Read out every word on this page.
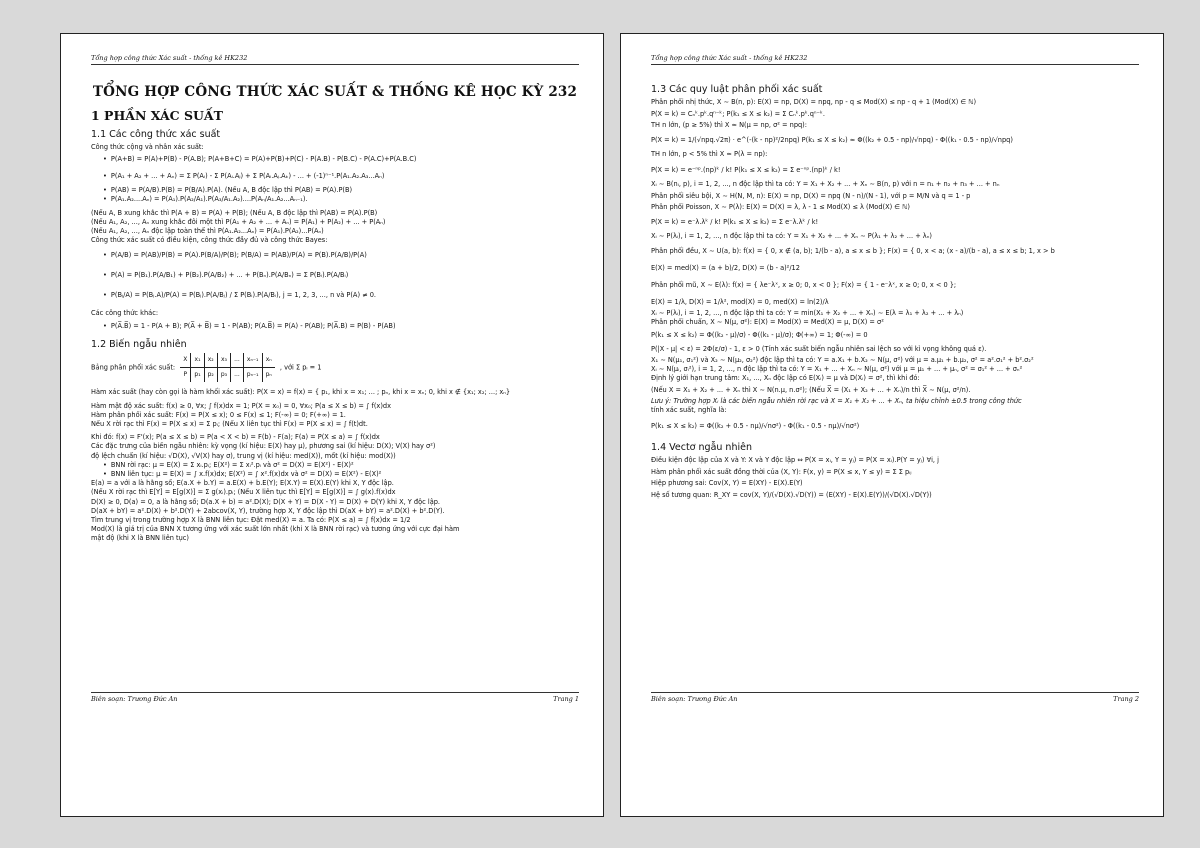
Tổng hợp công thức Xác suất - thống kê HK232
TỔNG HỢP CÔNG THỨC XÁC SUẤT & THỐNG KÊ HỌC KỲ 232
1 PHẦN XÁC SUẤT
1.1 Các công thức xác suất
Công thức cộng và nhân xác suất:
• P(A+B) = P(A)+P(B) - P(A.B); P(A+B+C) = P(A)+P(B)+P(C) - P(A.B) - P(B.C) - P(A.C)+P(A.B.C)
• P(A₁ + A₂ + ... + Aₙ) = Σ P(Aᵢ) - Σ P(Aᵢ.Aⱼ) + Σ P(Aᵢ.Aⱼ.Aₖ) - ... + (-1)ⁿ⁻¹.P(A₁.A₂.A₃...Aₙ)
• P(AB) = P(A/B).P(B) = P(B/A).P(A). (Nếu A, B độc lập thì P(AB) = P(A).P(B)
• P(A₁.A₂....Aₙ) = P(A₁).P(A₂/A₁).P(A₃/A₁.A₂)....P(Aₙ/A₁.A₂...Aₙ₋₁).
(Nếu A, B xung khắc thì P(A + B) = P(A) + P(B); (Nếu A, B độc lập thì P(AB) = P(A).P(B)
(Nếu A₁, A₂, ..., Aₙ xung khắc đôi một thì P(A₁ + A₂ + ... + Aₙ) = P(A₁) + P(A₂) + ... + P(Aₙ)
(Nếu A₁, A₂, ..., Aₙ độc lập toàn thể thì P(A₁.A₂...Aₙ) = P(A₁).P(A₂)...P(Aₙ)
Công thức xác suất có điều kiện, công thức đầy đủ và công thức Bayes:
• P(A/B) = P(AB)/P(B) = P(A).P(B/A)/P(B); P(B/A) = P(AB)/P(A) = P(B).P(A/B)/P(A)
• P(A) = P(B₁).P(A/B₁) + P(B₂).P(A/B₂) + ... + P(Bₙ).P(A/Bₙ) = Σ P(Bᵢ).P(A/Bᵢ)
• P(Bⱼ/A) = P(Bⱼ.A)/P(A) = P(Bⱼ).P(A/Bⱼ) / Σ P(Bᵢ).P(A/Bᵢ), j = 1, 2, 3, ..., n và P(A) ≠ 0.
Các công thức khác:
• P(A̅.B̅) = 1 - P(A + B); P(A̅ + B̅) = 1 - P(AB); P(A.B̅) = P(A) - P(AB); P(A̅.B) = P(B) - P(AB)
1.2 Biến ngẫu nhiên
Bảng phân phối xác suất: X	x₁	x₂	x₃	...	xₙ₋₁	xₙ
P	p₁	p₂	p₃	...	pₙ₋₁	pₙ , với Σ pᵢ = 1
Hàm xác suất (hay còn gọi là hàm khối xác suất): P(X = x) = f(x) = { p₁, khi x = x₁; ... ; pₙ, khi x = xₙ; 0, khi x ∉ {x₁; x₂; ...; xₙ}
Hàm mật độ xác suất: f(x) ≥ 0, ∀x; ∫ f(x)dx = 1; P(X = x₀) = 0, ∀x₀; P(a ≤ X ≤ b) = ∫ f(x)dx
Hàm phân phối xác suất: F(x) = P(X ≤ x); 0 ≤ F(x) ≤ 1; F(-∞) = 0; F(+∞) = 1.
Nếu X rời rạc thì F(x) = P(X ≤ x) = Σ pᵢ; (Nếu X liên tục thì F(x) = P(X ≤ x) = ∫ f(t)dt.
Khi đó: f(x) = F'(x); P(a ≤ X ≤ b) = P(a < X < b) = F(b) - F(a); F(a) = P(X ≤ a) = ∫ f(x)dx
Các đặc trưng của biến ngẫu nhiên: kỳ vọng (kí hiệu: E(X) hay μ), phương sai (kí hiệu: D(X); V(X) hay σ²)
độ lệch chuẩn (kí hiệu: √D(X), √V(X) hay σ), trung vị (kí hiệu: med(X)), mốt (kí hiệu: mod(X))
• BNN rời rạc: μ = E(X) = Σ xᵢ.pᵢ; E(X²) = Σ xᵢ².pᵢ và σ² = D(X) = E(X²) - E(X)²
• BNN liên tục: μ = E(X) = ∫ x.f(x)dx; E(X²) = ∫ x².f(x)dx và σ² = D(X) = E(X²) - E(X)²
E(a) = a với a là hằng số; E(a.X + b.Y) = a.E(X) + b.E(Y); E(X.Y) = E(X).E(Y) khi X, Y độc lập.
(Nếu X rời rạc thì E[Y] = E[g(X)] = Σ g(xᵢ).pᵢ; (Nếu X liên tục thì E[Y] = E[g(X)] = ∫ g(x).f(x)dx
D(X) ≥ 0, D(a) = 0, a là hằng số; D(a.X + b) = a².D(X); D(X + Y) = D(X - Y) = D(X) + D(Y) khi X, Y độc lập.
D(aX + bY) = a².D(X) + b².D(Y) + 2abcov(X, Y), trường hợp X, Y độc lập thì D(aX + bY) = a².D(X) + b².D(Y).
Tìm trung vị trong trường hợp X là BNN liên tục: Đặt med(X) = a. Ta có: P(X ≤ a) = ∫ f(x)dx = 1/2
Mod(X) là giá trị của BNN X tương ứng với xác suất lớn nhất (khi X là BNN rời rạc) và tương ứng với cực đại hàm
mật độ (khi X là BNN liên tục)
Biên soạn: Trương Đức An	Trang 1
Tổng hợp công thức Xác suất - thống kê HK232
1.3 Các quy luật phân phối xác suất
Phân phối nhị thức, X ∼ B(n, p): E(X) = np, D(X) = npq, np - q ≤ Mod(X) ≤ np - q + 1 (Mod(X) ∈ ℕ)
P(X = k) = Cₙᵏ.pᵏ.qⁿ⁻ᵏ; P(k₁ ≤ X ≤ k₂) = Σ Cₙᵏ.pᵏ.qⁿ⁻ᵏ.
TH n lớn, (p ≥ 5%) thì X ≈ N(μ = np, σ² = npq):
P(X = k) = 1/(√npq.√2π) · e^(-(k - np)²/2npq) P(k₁ ≤ X ≤ k₂) ≈ Φ((k₂ + 0.5 - np)/√npq) - Φ((k₁ - 0.5 - np)/√npq)
TH n lớn, p < 5% thì X ≈ P(λ = np):
P(X = k) = e⁻ⁿᵖ.(np)ᵏ / k! P(k₁ ≤ X ≤ k₂) = Σ e⁻ⁿᵖ.(np)ᵏ / k!
Xᵢ ∼ B(nᵢ, p), i = 1, 2, ..., n độc lập thì ta có: Y = X₁ + X₂ + ... + Xₙ ∼ B(n, p) với n = n₁ + n₂ + n₃ + ... + nₙ
Phân phối siêu bội, X ∼ H(N, M, n): E(X) = np, D(X) = npq (N - n)/(N - 1), với p = M/N và q = 1 - p
Phân phối Poisson, X ∼ P(λ): E(X) = D(X) = λ, λ - 1 ≤ Mod(X) ≤ λ (Mod(X) ∈ ℕ)
P(X = k) = e⁻λ.λᵏ / k! P(k₁ ≤ X ≤ k₂) = Σ e⁻λ.λᵏ / k!
Xᵢ ∼ P(λᵢ), i = 1, 2, ..., n độc lập thì ta có: Y = X₁ + X₂ + ... + Xₙ ∼ P(λ₁ + λ₂ + ... + λₙ)
Phân phối đều, X ∼ U(a, b): f(x) = { 0, x ∉ (a, b); 1/(b - a), a ≤ x ≤ b }; F(x) = { 0, x < a; (x - a)/(b - a), a ≤ x ≤ b; 1, x > b
E(X) = med(X) = (a + b)/2, D(X) = (b - a)²/12
Phân phối mũ, X ∼ E(λ): f(x) = { λe⁻λˣ, x ≥ 0; 0, x < 0 }; F(x) = { 1 - e⁻λˣ, x ≥ 0; 0, x < 0 };
E(X) = 1/λ, D(X) = 1/λ², mod(X) = 0, med(X) = ln(2)/λ
Xᵢ ∼ P(λᵢ), i = 1, 2, ..., n độc lập thì ta có: Y = min(X₁ + X₂ + ... + Xₙ) ∼ E(λ = λ₁ + λ₂ + ... + λₙ)
Phân phối chuẩn, X ∼ N(μ, σ²): E(X) = Mod(X) = Med(X) = μ, D(X) = σ²
P(k₁ ≤ X ≤ k₂) = Φ((k₂ - μ)/σ) - Φ((k₁ - μ)/σ); Φ(+∞) = 1; Φ(-∞) = 0
P(|X - μ| < ε) = 2Φ(ε/σ) - 1, ε > 0 (Tính xác suất biến ngẫu nhiên sai lệch so với kì vọng không quá ε).
X₁ ∼ N(μ₁, σ₁²) và X₂ ∼ N(μ₂, σ₂²) độc lập thì ta có: Y = a.X₁ + b.X₂ ∼ N(μ, σ²) với μ = a.μ₁ + b.μ₂, σ² = a².σ₁² + b².σ₂²
Xᵢ ∼ N(μᵢ, σᵢ²), i = 1, 2, ..., n độc lập thì ta có: Y = X₁ + ... + Xₙ ∼ N(μ, σ²) với μ = μ₁ + ... + μₙ, σ² = σ₁² + ... + σₙ²
Định lý giới hạn trung tâm: X₁, ..., Xₙ độc lập có E(Xᵢ) = μ và D(Xᵢ) = σ², thì khi đó:
(Nếu X = X₁ + X₂ + ... + Xₙ thì X ∼ N(n.μ, n.σ²); (Nếu X̅ = (X₁ + X₂ + ... + Xₙ)/n thì X̅ ∼ N(μ, σ²/n).
Lưu ý: Trường hợp Xᵢ là các biến ngẫu nhiên rời rạc và X = X₁ + X₂ + ... + Xₙ, ta hiệu chỉnh ±0.5 trong công thức
tính xác suất, nghĩa là:
P(k₁ ≤ X ≤ k₂) = Φ((k₂ + 0.5 - nμ)/√nσ²) - Φ((k₁ - 0.5 - nμ)/√nσ²)
1.4 Vectơ ngẫu nhiên
Điều kiện độc lập của X và Y: X và Y độc lập ⇔ P(X = xᵢ, Y = yⱼ) = P(X = xᵢ).P(Y = yⱼ) ∀i, j
Hàm phân phối xác suất đồng thời của (X, Y): F(x, y) = P(X ≤ x, Y ≤ y) = Σ Σ pᵢⱼ
Hiệp phương sai: Cov(X, Y) = E(XY) - E(X).E(Y)
Hệ số tương quan: R_XY = cov(X, Y)/(√D(X).√D(Y)) = (E(XY) - E(X).E(Y))/(√D(X).√D(Y))
Biên soạn: Trương Đức An	Trang 2
